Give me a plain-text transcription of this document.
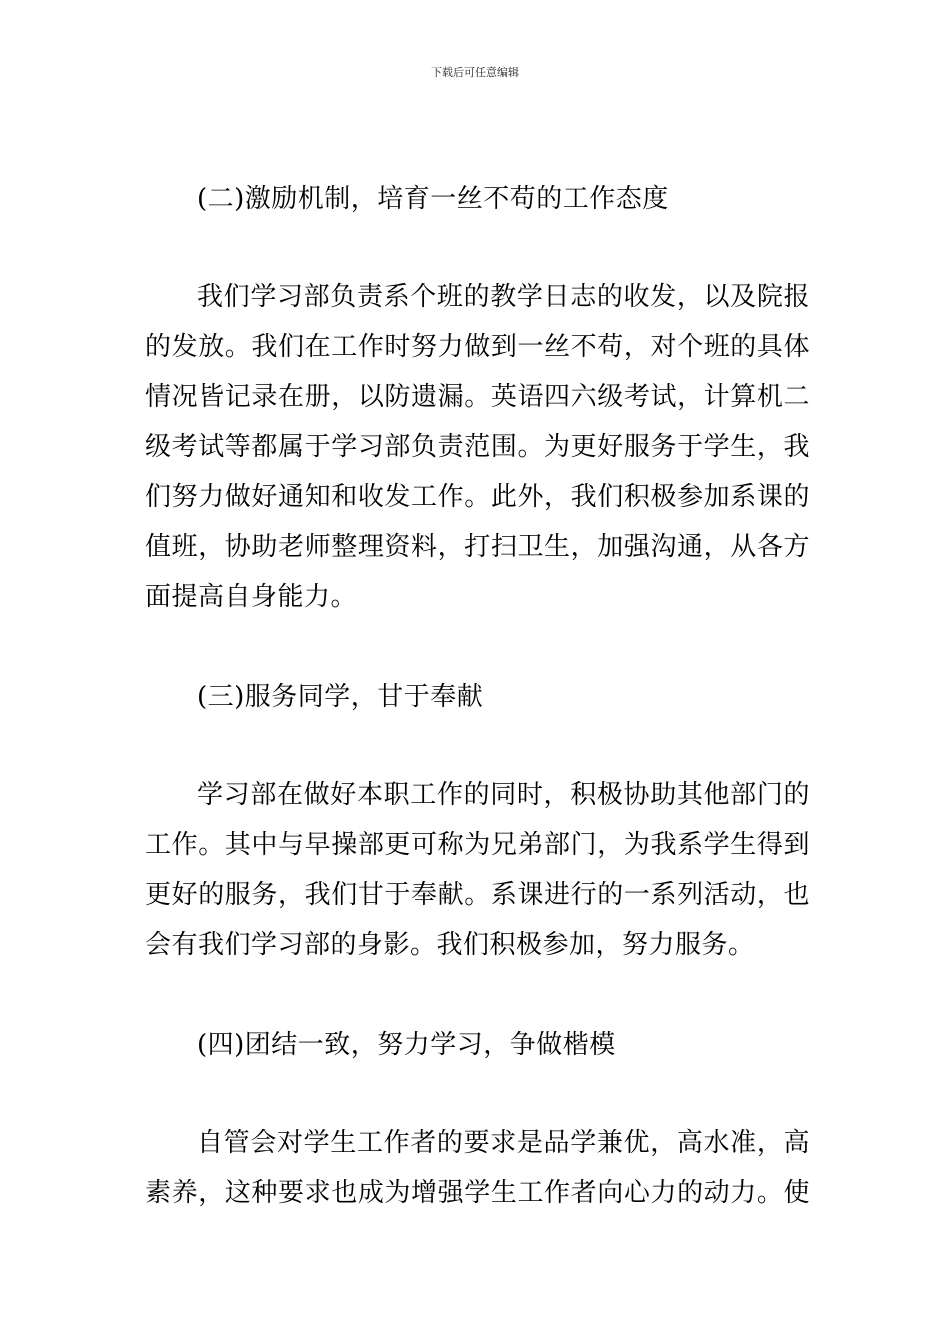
下载后可任意编辑
(二)激励机制，培育一丝不苟的工作态度
我们学习部负责系个班的教学日志的收发，以及院报
的发放。我们在工作时努力做到一丝不苟，对个班的具体
情况皆记录在册，以防遗漏。英语四六级考试，计算机二
级考试等都属于学习部负责范围。为更好服务于学生，我
们努力做好通知和收发工作。此外，我们积极参加系课的
值班，协助老师整理资料，打扫卫生，加强沟通，从各方
面提高自身能力。
(三)服务同学，甘于奉献
学习部在做好本职工作的同时，积极协助其他部门的
工作。其中与早操部更可称为兄弟部门，为我系学生得到
更好的服务，我们甘于奉献。系课进行的一系列活动，也
会有我们学习部的身影。我们积极参加，努力服务。
(四)团结一致，努力学习，争做楷模
自管会对学生工作者的要求是品学兼优，高水准，高
素养，这种要求也成为增强学生工作者向心力的动力。使
